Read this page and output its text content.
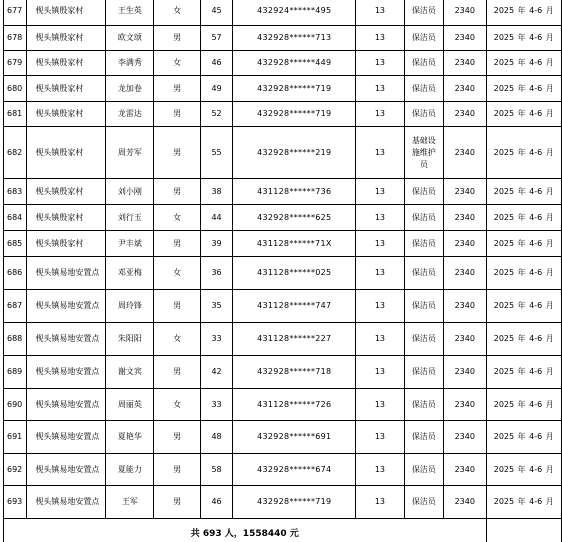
677	枧头镇殷家村	王生英	女	45	43292​4******495	13	保洁员	2340	2025 年 4-6 月
678	枧头镇殷家村	欧文颂	男	57	432928******713	13	保洁员	2340	2025 年 4-6 月
679	枧头镇殷家村	李满秀	女	46	432928******449	13	保洁员	2340	2025 年 4-6 月
680	枧头镇殷家村	龙加卷	男	49	432928******719	13	保洁员	2340	2025 年 4-6 月
681	枧头镇殷家村	龙雷达	男	52	432928******719	13	保洁员	2340	2025 年 4-6 月
682	枧头镇殷家村	周芳军	男	55	432928******219	13	基础设施维护员	2340	2025 年 4-6 月
683	枧头镇殷家村	刘小刚	男	38	431128******736	13	保洁员	2340	2025 年 4-6 月
684	枧头镇殷家村	刘行玉	女	44	432928******625	13	保洁员	2340	2025 年 4-6 月
685	枧头镇殷家村	尹丰斌	男	39	431128******71X	13	保洁员	2340	2025 年 4-6 月
686	枧头镇易地安置点	邓亚梅	女	36	431128******025	13	保洁员	2340	2025 年 4-6 月
687	枧头镇易地安置点	周玲锋	男	35	431128******747	13	保洁员	2340	2025 年 4-6 月
688	枧头镇易地安置点	朱阳阳	女	33	431128******227	13	保洁员	2340	2025 年 4-6 月
689	枧头镇易地安置点	谢文宾	男	42	432928******718	13	保洁员	2340	2025 年 4-6 月
690	枧头镇易地安置点	周丽英	女	33	431128******726	13	保洁员	2340	2025 年 4-6 月
691	枧头镇易地安置点	夏艳华	男	48	432928******691	13	保洁员	2340	2025 年 4-6 月
692	枧头镇易地安置点	夏能力	男	58	432928******674	13	保洁员	2340	2025 年 4-6 月
693	枧头镇易地安置点	王军	男	46	432928******719	13	保洁员	2340	2025 年 4-6 月
共 693 人，1558440 元									
